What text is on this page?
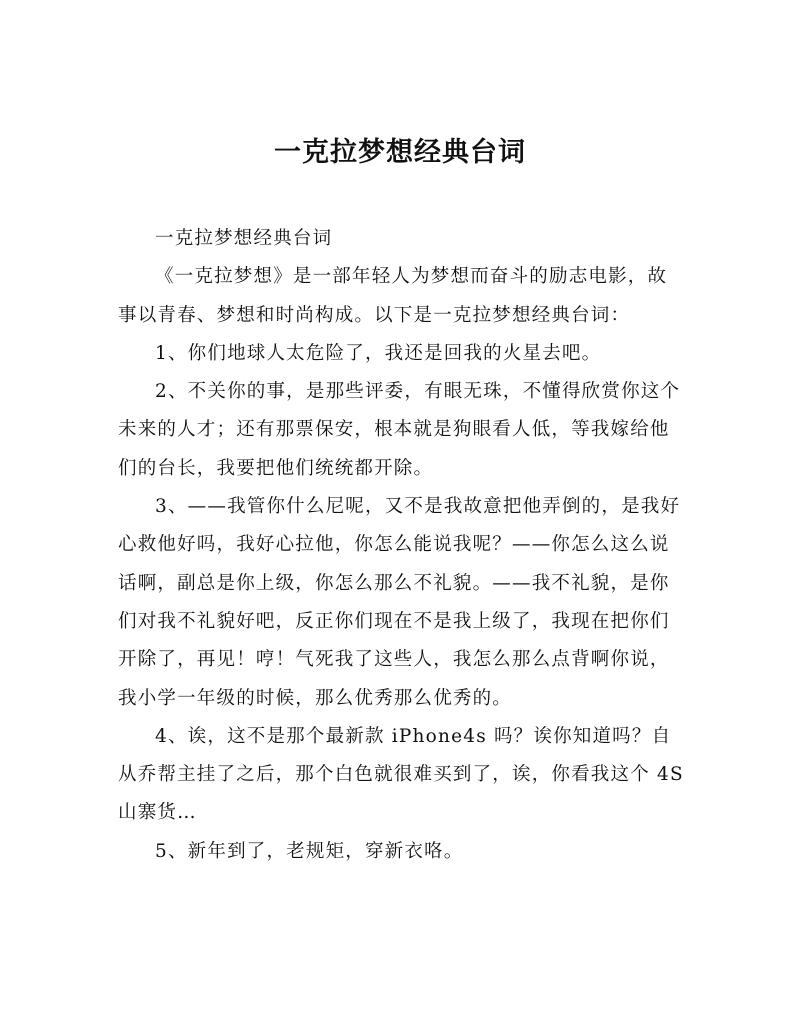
一克拉梦想经典台词

一克拉梦想经典台词

《一克拉梦想》是一部年轻人为梦想而奋斗的励志电影，故事以青春、梦想和时尚构成。以下是一克拉梦想经典台词：

1、你们地球人太危险了，我还是回我的火星去吧。

2、不关你的事，是那些评委，有眼无珠，不懂得欣赏你这个未来的人才；还有那票保安，根本就是狗眼看人低，等我嫁给他们的台长，我要把他们统统都开除。

3、——我管你什么尼呢，又不是我故意把他弄倒的，是我好心救他好吗，我好心拉他，你怎么能说我呢？——你怎么这么说话啊，副总是你上级，你怎么那么不礼貌。——我不礼貌，是你们对我不礼貌好吧，反正你们现在不是我上级了，我现在把你们开除了，再见！哼！气死我了这些人，我怎么那么点背啊你说，我小学一年级的时候，那么优秀那么优秀的。

4、诶，这不是那个最新款 iPhone4s 吗？诶你知道吗？自从乔帮主挂了之后，那个白色就很难买到了，诶，你看我这个 4S 山寨货…

5、新年到了，老规矩，穿新衣咯。
